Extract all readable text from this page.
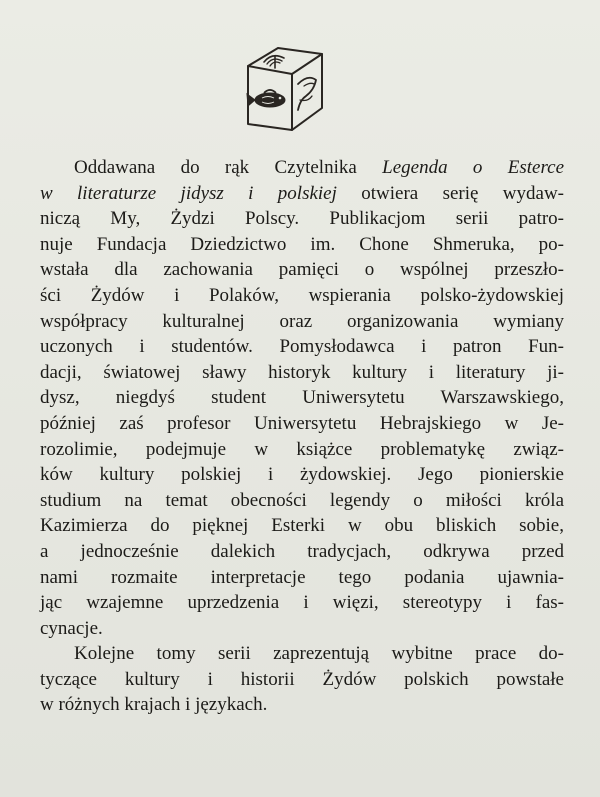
Oddawana do rąk Czytelnika Legenda o Esterce
w literaturze jidysz i polskiej otwiera serię wydaw-
niczą My, Żydzi Polscy. Publikacjom serii patro-
nuje Fundacja Dziedzictwo im. Chone Shmeruka, po-
wstała dla zachowania pamięci o wspólnej przeszło-
ści Żydów i Polaków, wspierania polsko-żydowskiej
współpracy kulturalnej oraz organizowania wymiany
uczonych i studentów. Pomysłodawca i patron Fun-
dacji, światowej sławy historyk kultury i literatury ji-
dysz, niegdyś student Uniwersytetu Warszawskiego,
później zaś profesor Uniwersytetu Hebrajskiego w Je-
rozolimie, podejmuje w książce problematykę związ-
ków kultury polskiej i żydowskiej. Jego pionierskie
studium na temat obecności legendy o miłości króla
Kazimierza do pięknej Esterki w obu bliskich sobie,
a jednocześnie dalekich tradycjach, odkrywa przed
nami rozmaite interpretacje tego podania ujawnia-
jąc wzajemne uprzedzenia i więzi, stereotypy i fas-
cynacje.
Kolejne tomy serii zaprezentują wybitne prace do-
tyczące kultury i historii Żydów polskich powstałe
w różnych krajach i językach.
